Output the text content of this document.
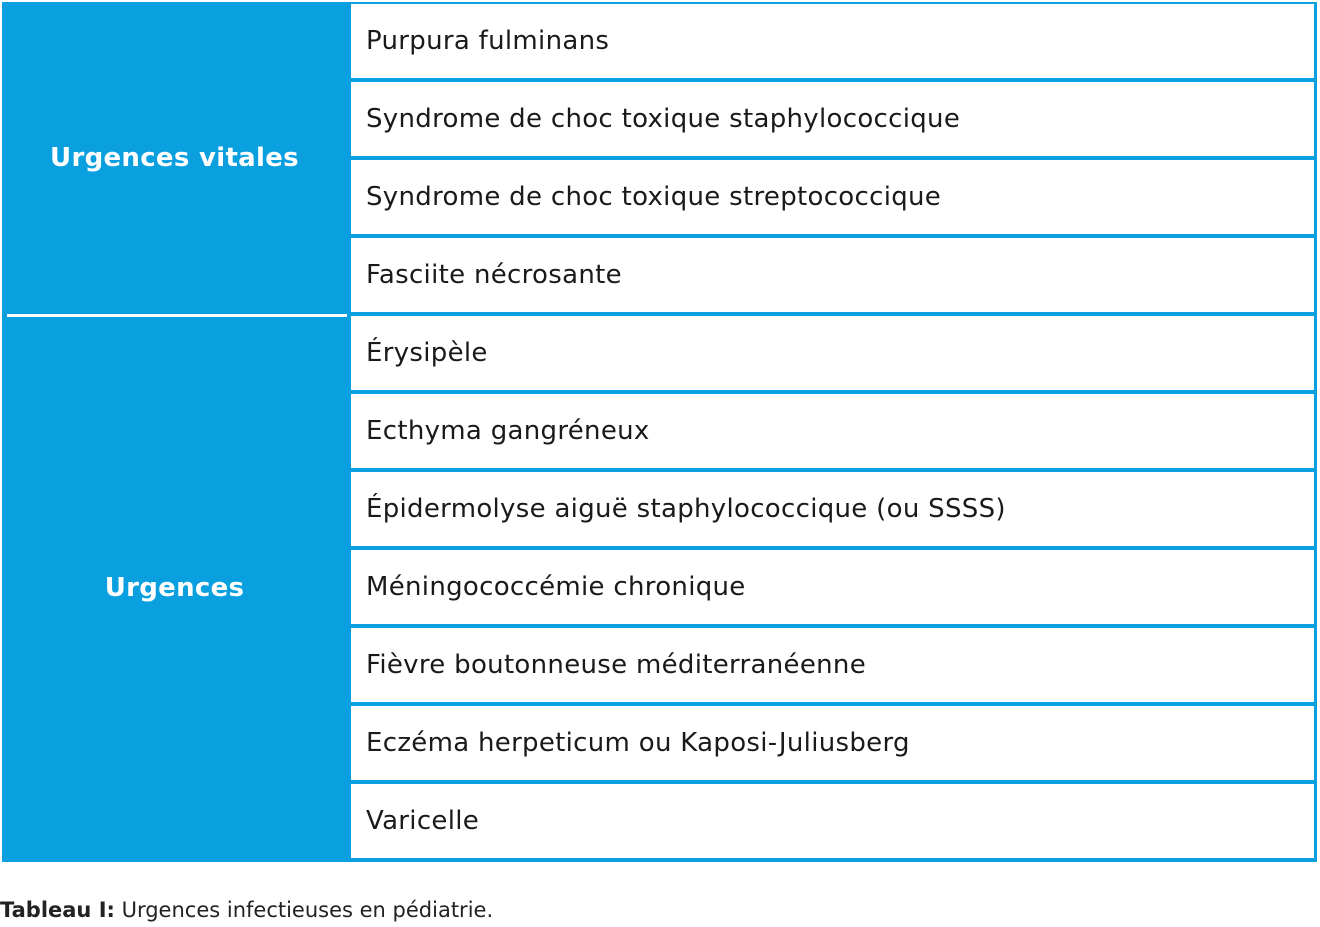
Urgences vitales
Urgences
Purpura fulminans
Syndrome de choc toxique staphylococcique
Syndrome de choc toxique streptococcique
Fasciite nécrosante
Érysipèle
Ecthyma gangréneux
Épidermolyse aiguë staphylococcique (ou SSSS)
Méningococcémie chronique
Fièvre boutonneuse méditerranéenne
Eczéma herpeticum ou Kaposi-Juliusberg
Varicelle
Tableau I: Urgences infectieuses en pédiatrie.
